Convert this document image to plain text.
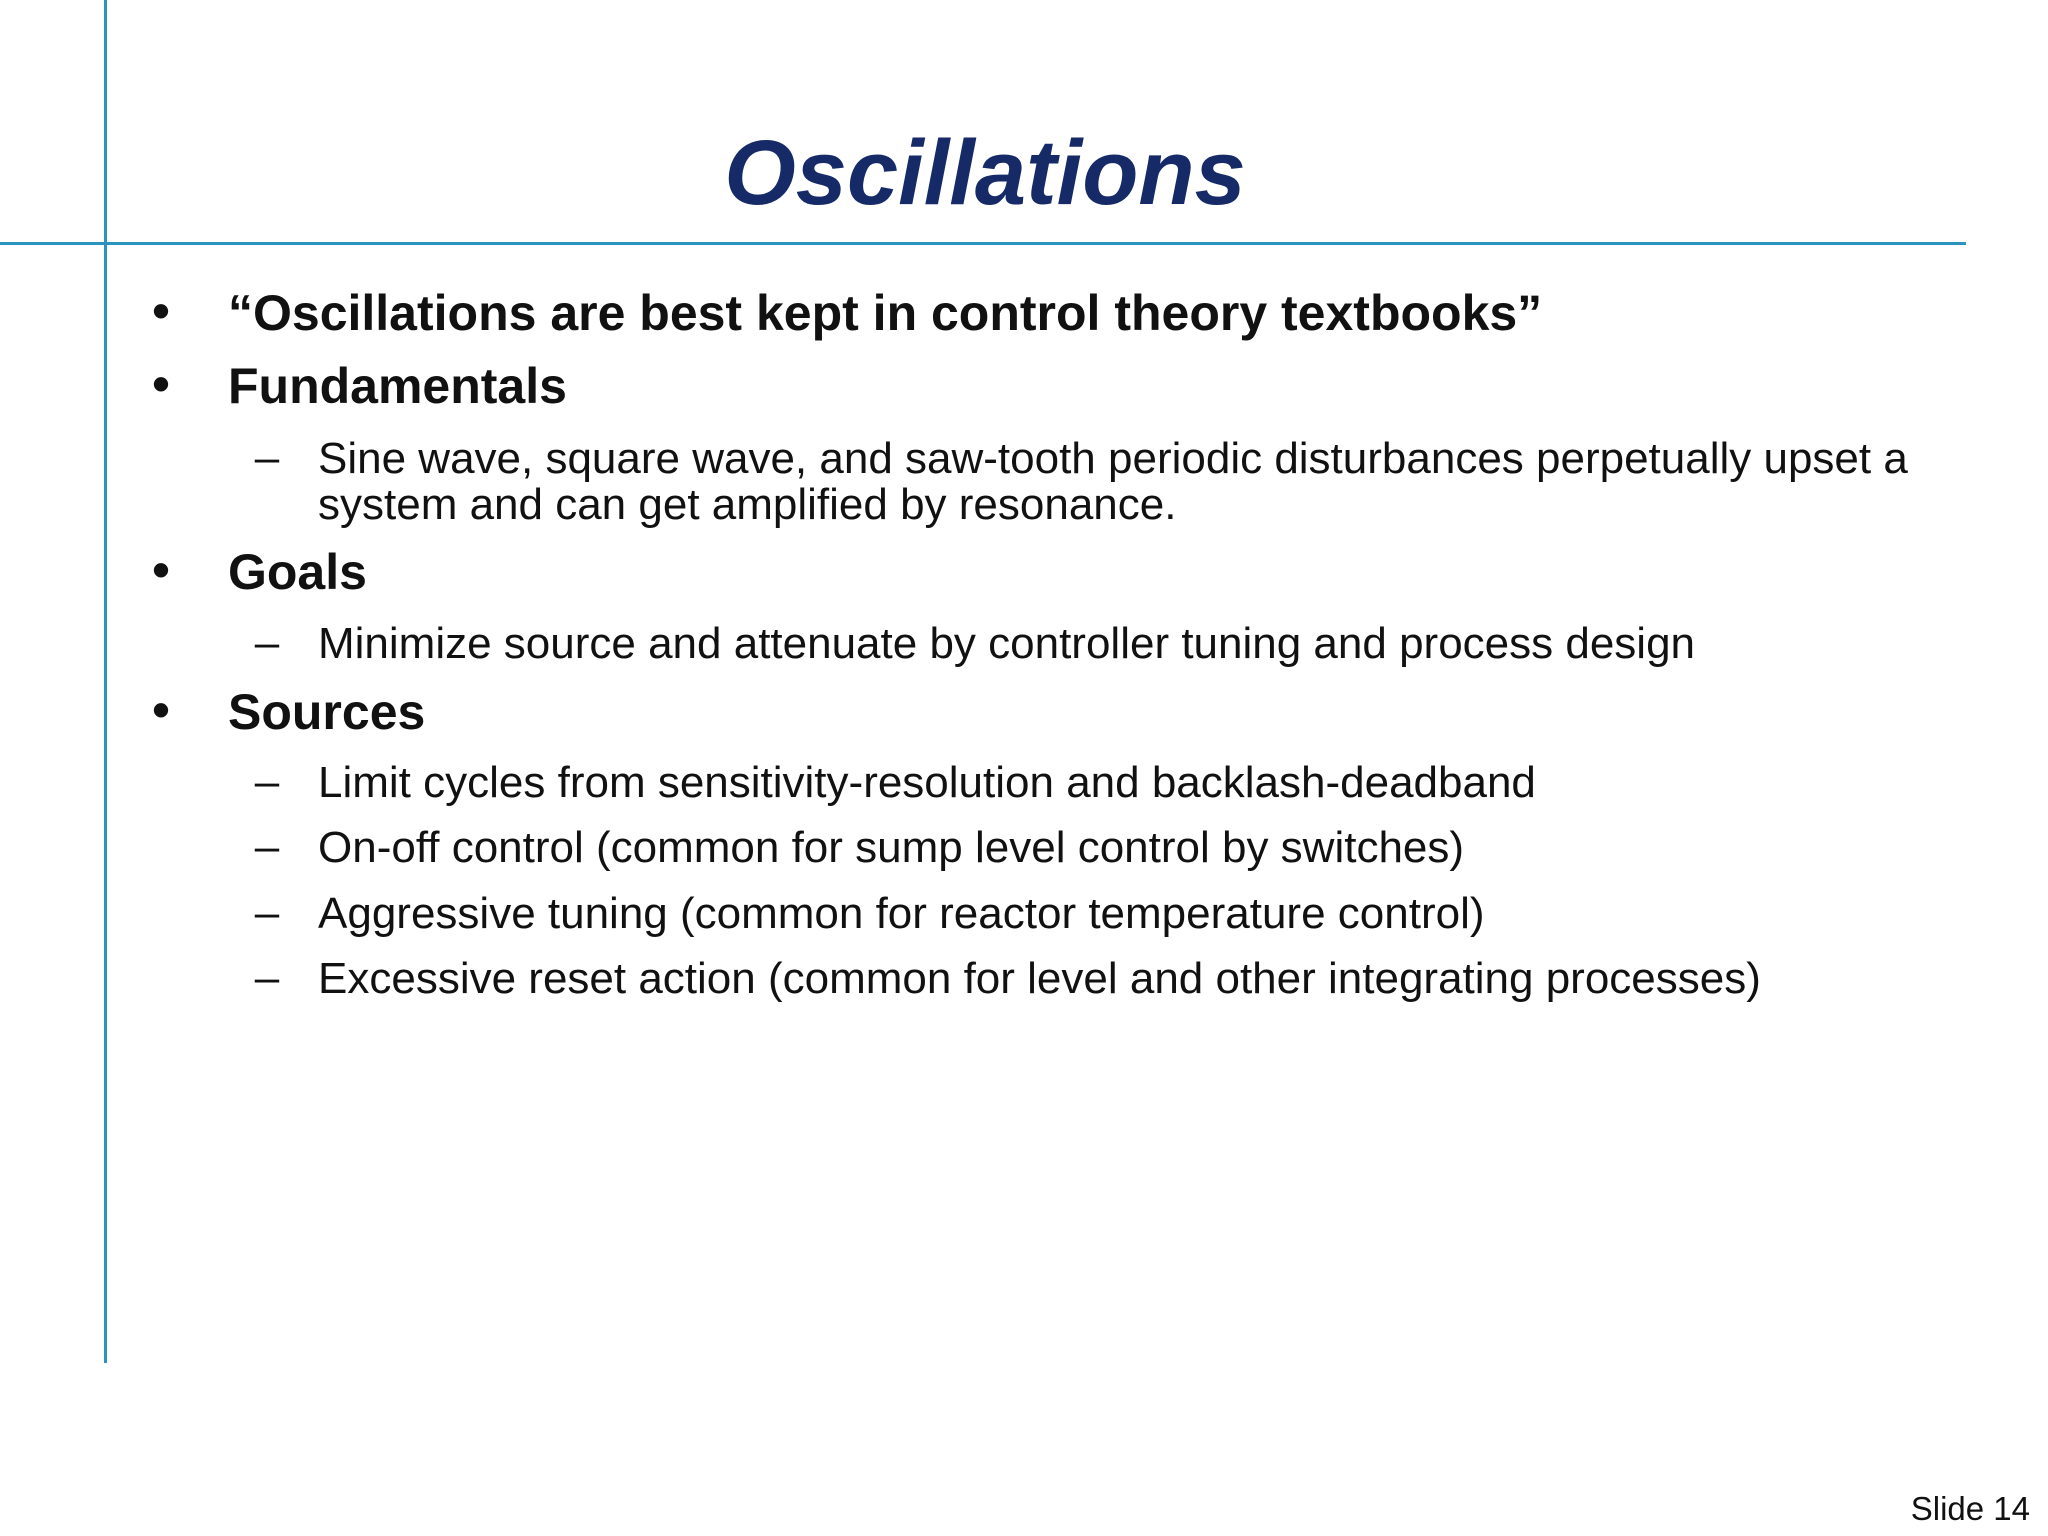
Oscillations
• “Oscillations are best kept in control theory textbooks”
• Fundamentals
– Sine wave, square wave, and saw-tooth periodic disturbances perpetually upset a system and can get amplified by resonance.
• Goals
– Minimize source and attenuate by controller tuning and process design
• Sources
– Limit cycles from sensitivity-resolution and backlash-deadband
– On-off control (common for sump level control by switches)
– Aggressive tuning (common for reactor temperature control)
– Excessive reset action (common for level and other integrating processes)
Slide 14
